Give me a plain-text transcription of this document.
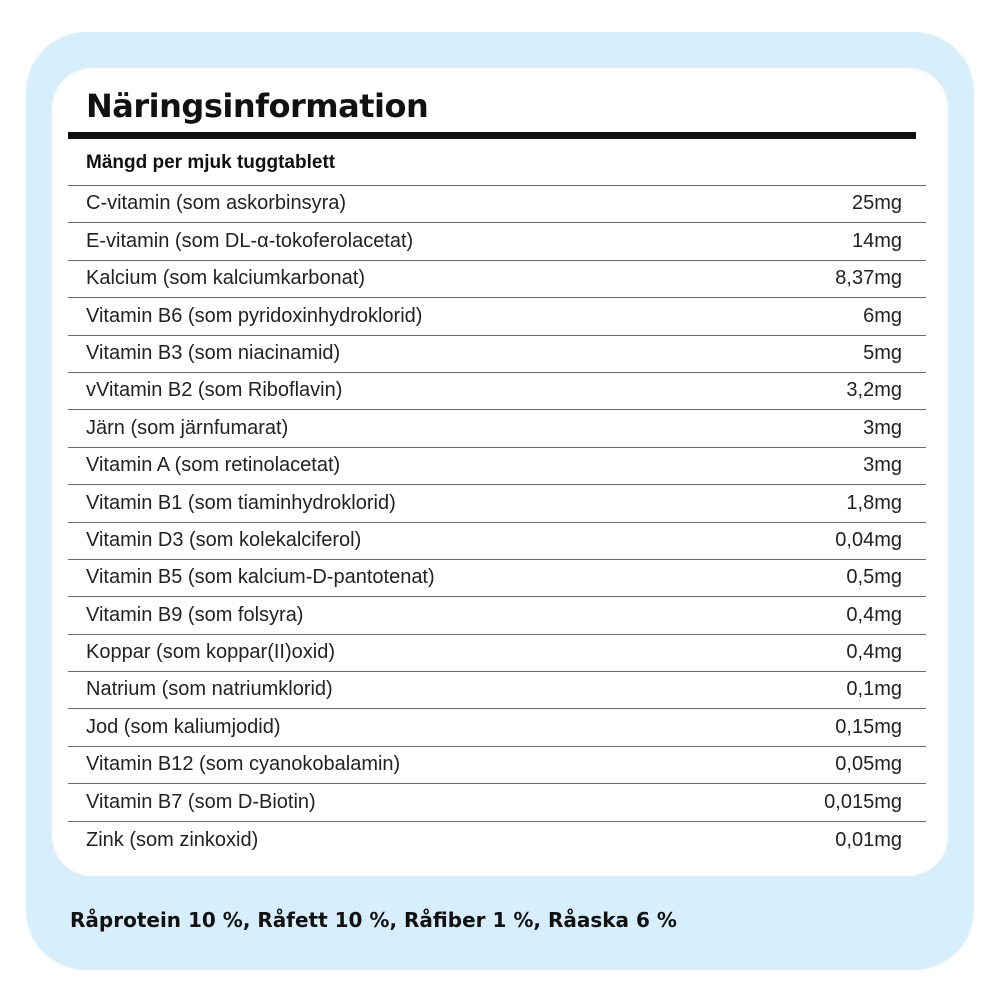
Näringsinformation
Mängd per mjuk tuggtablett
C-vitamin (som askorbinsyra)	25mg
E-vitamin (som DL-α-tokoferolacetat)	14mg
Kalcium (som kalciumkarbonat)	8,37mg
Vitamin B6 (som pyridoxinhydroklorid)	6mg
Vitamin B3 (som niacinamid)	5mg
vVitamin B2 (som Riboflavin)	3,2mg
Järn (som järnfumarat)	3mg
Vitamin A (som retinolacetat)	3mg
Vitamin B1 (som tiaminhydroklorid)	1,8mg
Vitamin D3 (som kolekalciferol)	0,04mg
Vitamin B5 (som kalcium-D-pantotenat)	0,5mg
Vitamin B9 (som folsyra)	0,4mg
Koppar (som koppar(II)oxid)	0,4mg
Natrium (som natriumklorid)	0,1mg
Jod (som kaliumjodid)	0,15mg
Vitamin B12 (som cyanokobalamin)	0,05mg
Vitamin B7 (som D-Biotin)	0,015mg
Zink (som zinkoxid)	0,01mg
Råprotein 10 %, Råfett 10 %, Råfiber 1 %, Råaska 6 %
